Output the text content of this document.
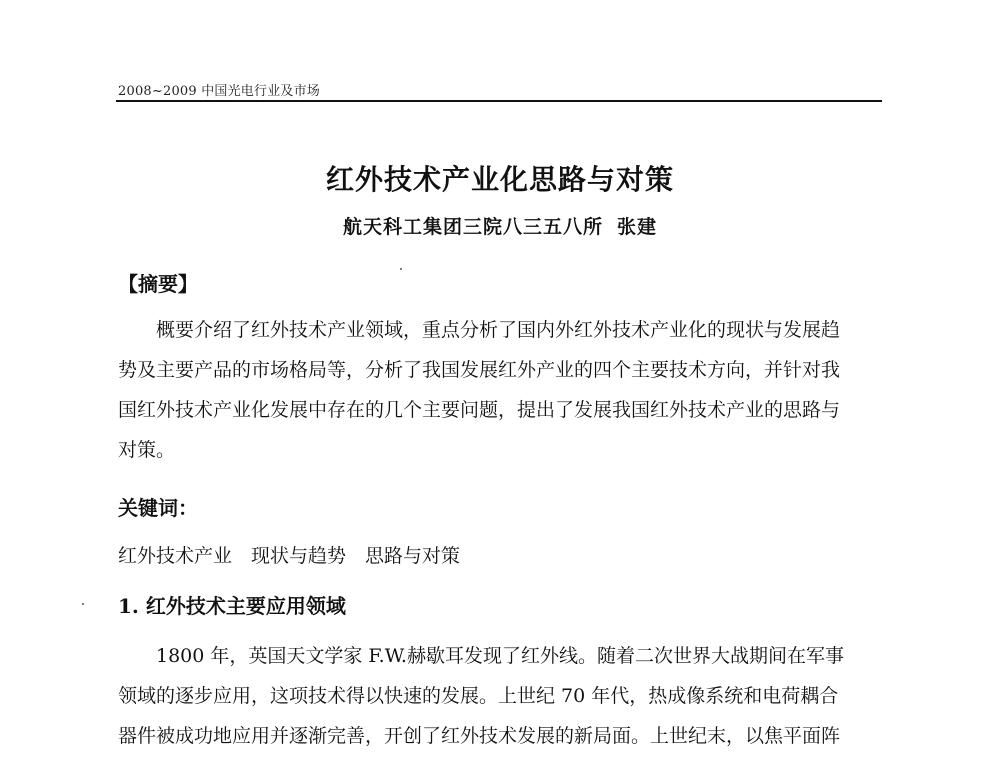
2008~2009 中国光电行业及市场
红外技术产业化思路与对策
航天科工集团三院八三五八所 张建
【摘要】
　　概要介绍了红外技术产业领域，重点分析了国内外红外技术产业化的现状与发展趋
势及主要产品的市场格局等，分析了我国发展红外产业的四个主要技术方向，并针对我
国红外技术产业化发展中存在的几个主要问题，提出了发展我国红外技术产业的思路与
对策。
关键词：
红外技术产业　现状与趋势　思路与对策
1. 红外技术主要应用领域
　　1800 年，英国天文学家 F.W.赫歇耳发现了红外线。随着二次世界大战期间在军事
领域的逐步应用，这项技术得以快速的发展。上世纪 70 年代，热成像系统和电荷耦合
器件被成功地应用并逐渐完善，开创了红外技术发展的新局面。上世纪末，以焦平面阵
